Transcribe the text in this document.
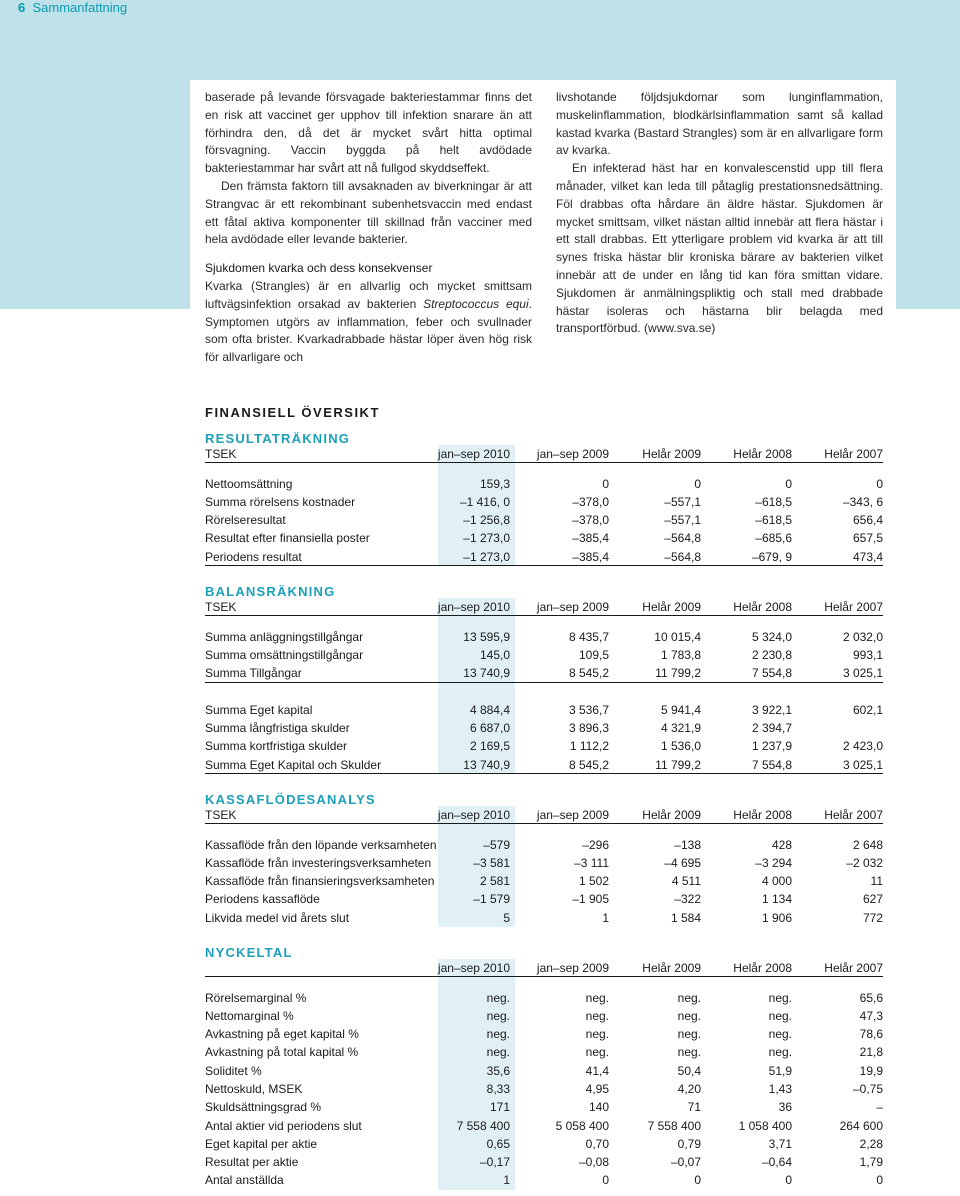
6 Sammanfattning

baserade på levande försvagade bakteriestammar finns det en risk att vaccinet ger upphov till infektion snarare än att förhindra den, då det är mycket svårt hitta optimal försvagning. Vaccin byggda på helt avdödade bakteriestammar har svårt att nå fullgod skyddseffekt.

Den främsta faktorn till avsaknaden av biverkningar är att Strangvac är ett rekombinant subenhetsvaccin med endast ett fåtal aktiva komponenter till skillnad från vacciner med hela avdödade eller levande bakterier.

Sjukdomen kvarka och dess konsekvenser

Kvarka (Strangles) är en allvarlig och mycket smittsam luftvägsinfektion orsakad av bakterien Streptococcus equi. Symptomen utgörs av inflammation, feber och svullnader som ofta brister. Kvarkadrabbade hästar löper även hög risk för allvarligare och

livshotande följdsjukdomar som lunginflammation, muskelinflammation, blodkärlsinflammation samt så kallad kastad kvarka (Bastard Strangles) som är en allvarligare form av kvarka.

En infekterad häst har en konvalescenstid upp till flera månader, vilket kan leda till påtaglig prestationsnedsättning. Föl drabbas ofta hårdare än äldre hästar. Sjukdomen är mycket smittsam, vilket nästan alltid innebär att flera hästar i ett stall drabbas. Ett ytterligare problem vid kvarka är att till synes friska hästar blir kroniska bärare av bakterien vilket innebär att de under en lång tid kan föra smittan vidare. Sjukdomen är anmälningspliktig och stall med drabbade hästar isoleras och hästarna blir belagda med transportförbud. (www.sva.se)

FINANSIELL ÖVERSIKT
RESULTATRÄKNING
TSEK	jan–sep 2010 jan–sep 2009	Helår 2009	Helår 2008	Helår 2007
Nettoomsättning	159,3	0	0	0	0
Summa rörelsens kostnader	–1 416, 0	–378,0	–557,1	–618,5	–343, 6
Rörelseresultat	–1 256,8	–378,0	–557,1	–618,5	656,4
Resultat efter finansiella poster	–1 273,0	–385,4	–564,8	–685,6	657,5
Periodens resultat	–1 273,0	–385,4	–564,8	–679, 9	473,4
BALANSRÄKNING
TSEK	jan–sep 2010 jan–sep 2009	Helår 2009	Helår 2008	Helår 2007
Summa anläggningstillgångar	13 595,9	8 435,7	10 015,4	5 324,0	2 032,0
Summa omsättningstillgångar	145,0	109,5	1 783,8	2 230,8	993,1
Summa Tillgångar	13 740,9	8 545,2	11 799,2	7 554,8	3 025,1
Summa Eget kapital	4 884,4	3 536,7	5 941,4	3 922,1	602,1
Summa långfristiga skulder	6 687,0	3 896,3	4 321,9	2 394,7
Summa kortfristiga skulder	2 169,5	1 112,2	1 536,0	1 237,9	2 423,0
Summa Eget Kapital och Skulder	13 740,9	8 545,2	11 799,2	7 554,8	3 025,1
KASSAFLÖDESANALYS
TSEK	jan–sep 2010 jan–sep 2009	Helår 2009	Helår 2008	Helår 2007
Kassaflöde från den löpande verksamheten	–579	–296	–138	428	2 648
Kassaflöde från investeringsverksamheten	–3 581	–3 111	–4 695	–3 294	–2 032
Kassaflöde från finansieringsverksamheten	2 581	1 502	4 511	4 000	11
Periodens kassaflöde	–1 579	–1 905	–322	1 134	627
Likvida medel vid årets slut	5	1	1 584	1 906	772
NYCKELTAL
jan–sep 2010 jan–sep 2009	Helår 2009	Helår 2008	Helår 2007
Rörelsemarginal %	neg.	neg.	neg.	neg.	65,6
Nettomarginal %	neg.	neg.	neg.	neg.	47,3
Avkastning på eget kapital %	neg.	neg.	neg.	neg.	78,6
Avkastning på total kapital %	neg.	neg.	neg.	neg.	21,8
Soliditet %	35,6	41,4	50,4	51,9	19,9
Nettoskuld, MSEK	8,33	4,95	4,20	1,43	–0,75
Skuldsättningsgrad %	171	140	71	36	–
Antal aktier vid periodens slut	7 558 400	5 058 400	7 558 400	1 058 400	264 600
Eget kapital per aktie	0,65	0,70	0,79	3,71	2,28
Resultat per aktie	–0,17	–0,08	–0,07	–0,64	1,79
Antal anställda	1	0	0	0	0
